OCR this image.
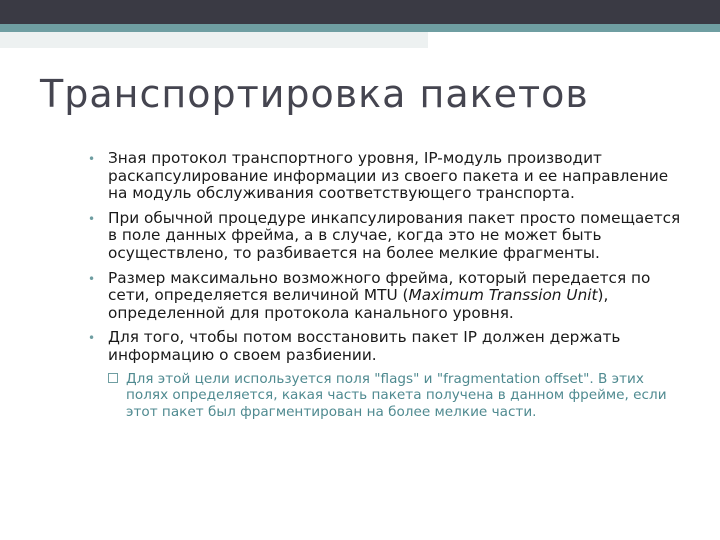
Транспортировка пакетов
• Зная протокол транспортного уровня, IP-модуль производит раскапсулирование информации из своего пакета и ее направление на модуль обслуживания соответствующего транспорта.
• При обычной процедуре инкапсулирования пакет просто помещается в поле данных фрейма, а в случае, когда это не может быть осуществлено, то разбивается на более мелкие фрагменты.
• Размер максимально возможного фрейма, который передается по сети, определяется величиной MTU (Maximum Transsion Unit), определенной для протокола канального уровня.
• Для того, чтобы потом восстановить пакет IP должен держать информацию о своем разбиении.
Для этой цели используется поля "flags" и "fragmentation offset". В этих полях определяется, какая часть пакета получена в данном фрейме, если этот пакет был фрагментирован на более мелкие части.
